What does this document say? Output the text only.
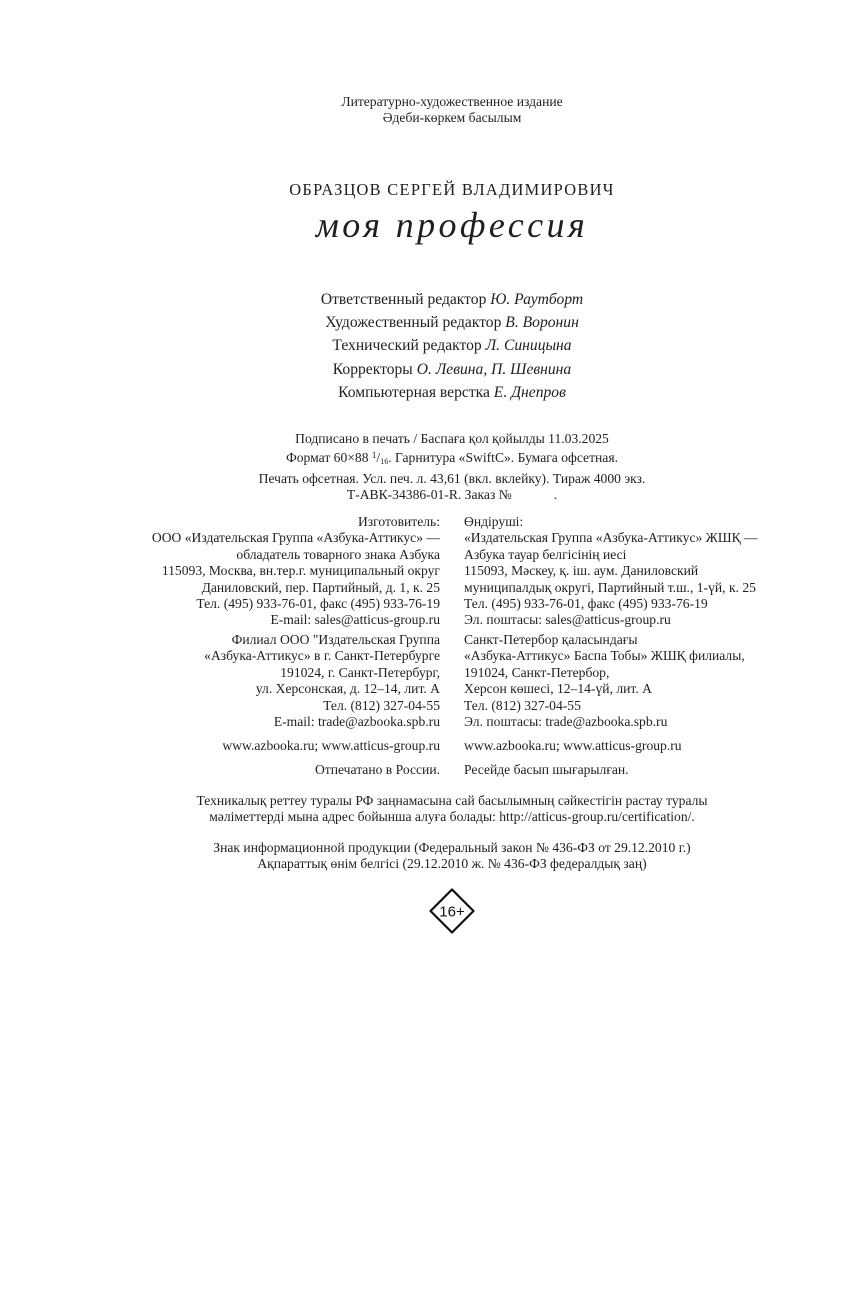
Литературно-художественное издание
Әдеби-көркем басылым
ОБРАЗЦОВ СЕРГЕЙ ВЛАДИМИРОВИЧ
моя профессия
Ответственный редактор Ю. Раутборт
Художественный редактор В. Воронин
Технический редактор Л. Синицына
Корректоры О. Левина, П. Шевнина
Компьютерная верстка Е. Днепров
Подписано в печать / Баспаға қол қойылды 11.03.2025
Формат 60×88 $^1/_{16}$. Гарнитура «SwiftC». Бумага офсетная.
Печать офсетная. Усл. печ. л. 43,61 (вкл. вклейку). Тираж 4000 экз.
Т-АВК-34386-01-R. Заказ №	.
Изготовитель:
ООО «Издательская Группа «Азбука-Аттикус» —
обладатель товарного знака Азбука
115093, Москва, вн.тер.г. муниципальный округ
Даниловский, пер. Партийный, д. 1, к. 25
Тел. (495) 933-76-01, факс (495) 933-76-19
E-mail: sales@atticus-group.ru
Филиал ООО "Издательская Группа
«Азбука-Аттикус» в г. Санкт-Петербурге
191024, г. Санкт-Петербург,
ул. Херсонская, д. 12–14, лит. А
Тел. (812) 327-04-55
E-mail: trade@azbooka.spb.ru
www.azbooka.ru; www.atticus-group.ru
Отпечатано в России.
Өндіруші:
«Издательская Группа «Азбука-Аттикус» ЖШҚ —
Азбука тауар белгісінің иесі
115093, Мәскеу, қ. іш. аум. Даниловский
муниципалдық округі, Партийный т.ш., 1-үй, к. 25
Тел. (495) 933-76-01, факс (495) 933-76-19
Эл. поштасы: sales@atticus-group.ru
Санкт-Петербор қаласындағы
«Азбука-Аттикус» Баспа Тобы» ЖШҚ филиалы,
191024, Санкт-Петербор,
Херсон көшесі, 12–14-үй, лит. А
Тел. (812) 327-04-55
Эл. поштасы: trade@azbooka.spb.ru
www.azbooka.ru; www.atticus-group.ru
Ресейде басып шығарылған.
Техникалық реттеу туралы РФ заңнамасына сай басылымның сәйкестігін растау туралы
мәліметтерді мына адрес бойынша алуға болады: http://atticus-group.ru/certification/.
Знак информационной продукции (Федеральный закон № 436-ФЗ от 29.12.2010 г.)
Ақпараттық өнім белгісі (29.12.2010 ж. № 436-ФЗ федералдық заң)
16+
